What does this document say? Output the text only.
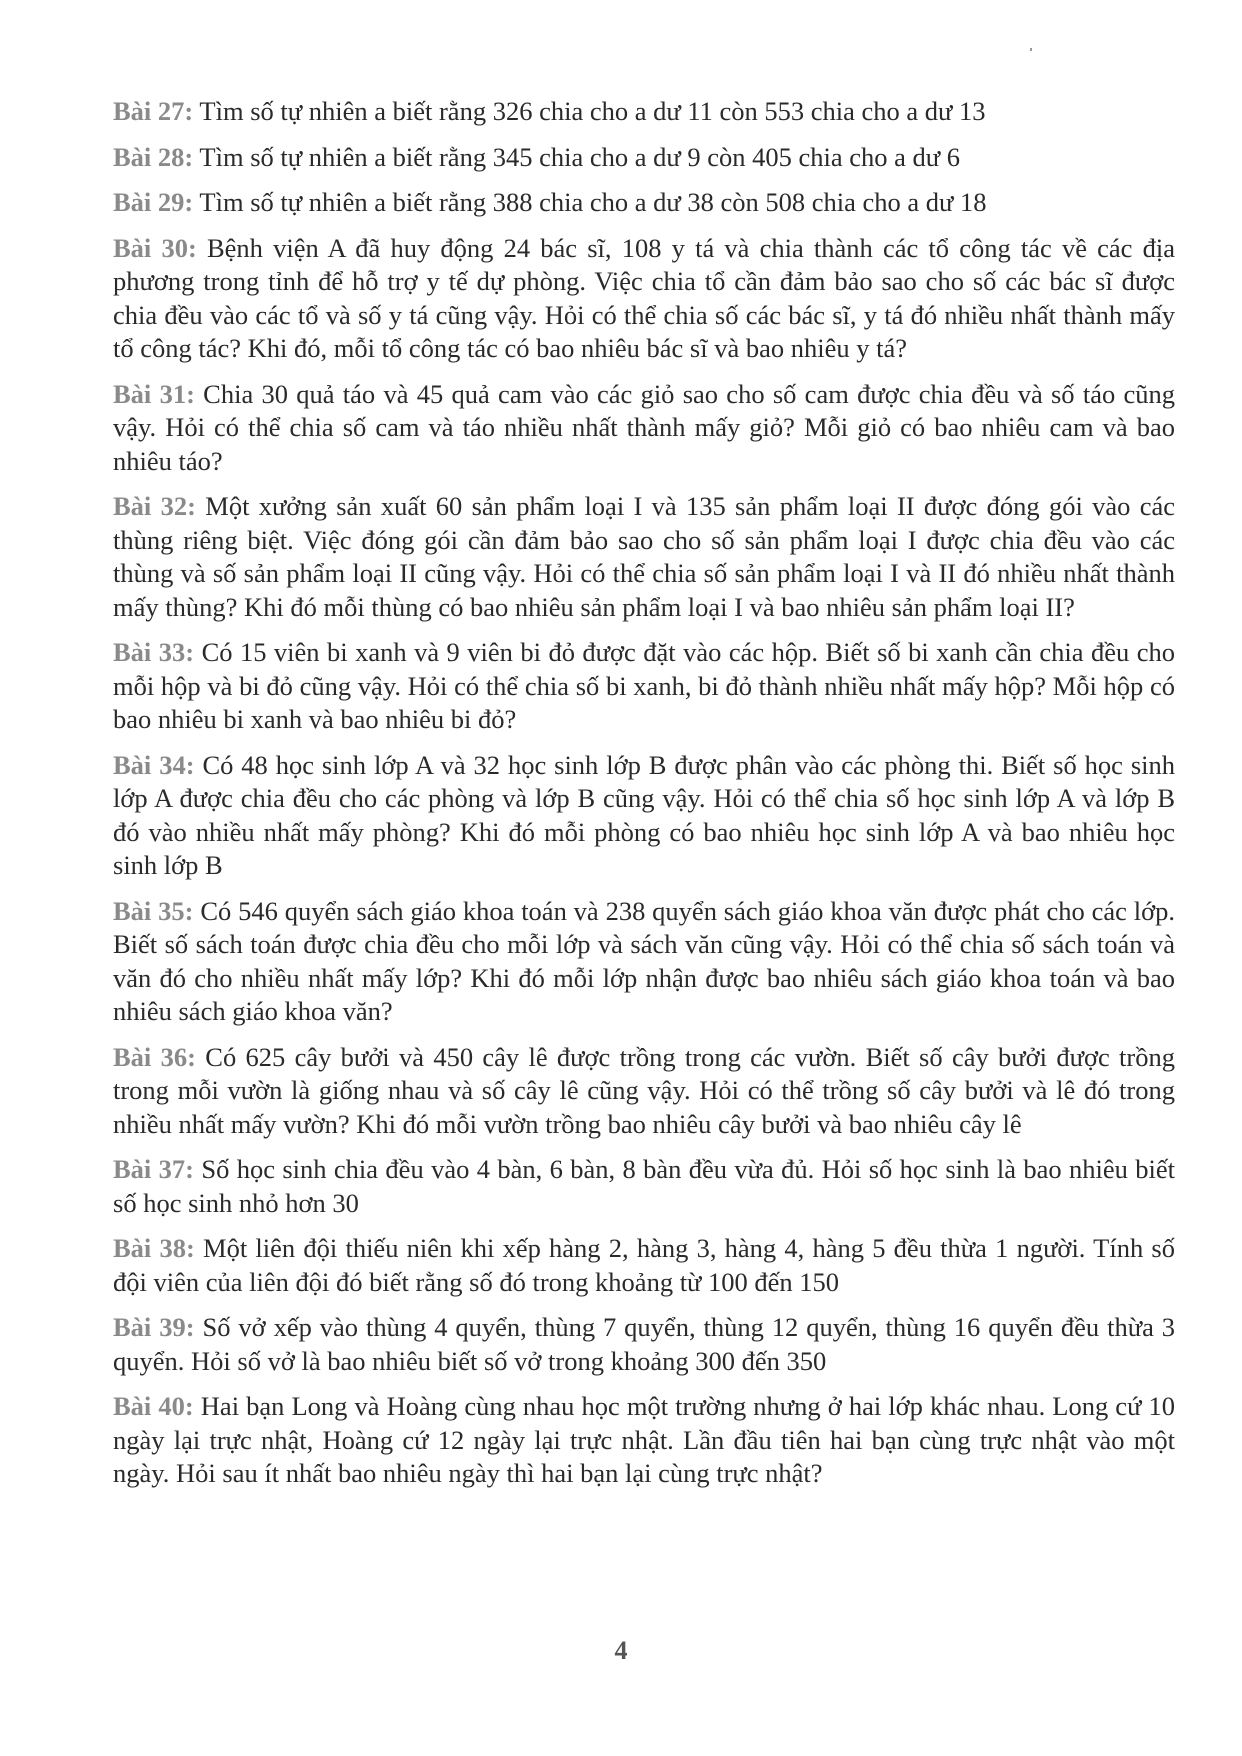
Bài 27: Tìm số tự nhiên a biết rằng 326 chia cho a dư 11 còn 553 chia cho a dư 13

Bài 28: Tìm số tự nhiên a biết rằng 345 chia cho a dư 9 còn 405 chia cho a dư 6

Bài 29: Tìm số tự nhiên a biết rằng 388 chia cho a dư 38 còn 508 chia cho a dư 18

Bài 30: Bệnh viện A đã huy động 24 bác sĩ, 108 y tá và chia thành các tổ công tác về các địa phương trong tỉnh để hỗ trợ y tế dự phòng. Việc chia tổ cần đảm bảo sao cho số các bác sĩ được chia đều vào các tổ và số y tá cũng vậy. Hỏi có thể chia số các bác sĩ, y tá đó nhiều nhất thành mấy tổ công tác? Khi đó, mỗi tổ công tác có bao nhiêu bác sĩ và bao nhiêu y tá?

Bài 31: Chia 30 quả táo và 45 quả cam vào các giỏ sao cho số cam được chia đều và số táo cũng vậy. Hỏi có thể chia số cam và táo nhiều nhất thành mấy giỏ? Mỗi giỏ có bao nhiêu cam và bao nhiêu táo?

Bài 32: Một xưởng sản xuất 60 sản phẩm loại I và 135 sản phẩm loại II được đóng gói vào các thùng riêng biệt. Việc đóng gói cần đảm bảo sao cho số sản phẩm loại I được chia đều vào các thùng và số sản phẩm loại II cũng vậy. Hỏi có thể chia số sản phẩm loại I và II đó nhiều nhất thành mấy thùng? Khi đó mỗi thùng có bao nhiêu sản phẩm loại I và bao nhiêu sản phẩm loại II?

Bài 33: Có 15 viên bi xanh và 9 viên bi đỏ được đặt vào các hộp. Biết số bi xanh cần chia đều cho mỗi hộp và bi đỏ cũng vậy. Hỏi có thể chia số bi xanh, bi đỏ thành nhiều nhất mấy hộp? Mỗi hộp có bao nhiêu bi xanh và bao nhiêu bi đỏ?

Bài 34: Có 48 học sinh lớp A và 32 học sinh lớp B được phân vào các phòng thi. Biết số học sinh lớp A được chia đều cho các phòng và lớp B cũng vậy. Hỏi có thể chia số học sinh lớp A và lớp B đó vào nhiều nhất mấy phòng? Khi đó mỗi phòng có bao nhiêu học sinh lớp A và bao nhiêu học sinh lớp B

Bài 35: Có 546 quyển sách giáo khoa toán và 238 quyển sách giáo khoa văn được phát cho các lớp. Biết số sách toán được chia đều cho mỗi lớp và sách văn cũng vậy. Hỏi có thể chia số sách toán và văn đó cho nhiều nhất mấy lớp? Khi đó mỗi lớp nhận được bao nhiêu sách giáo khoa toán và bao nhiêu sách giáo khoa văn?

Bài 36: Có 625 cây bưởi và 450 cây lê được trồng trong các vườn. Biết số cây bưởi được trồng trong mỗi vườn là giống nhau và số cây lê cũng vậy. Hỏi có thể trồng số cây bưởi và lê đó trong nhiều nhất mấy vườn? Khi đó mỗi vườn trồng bao nhiêu cây bưởi và bao nhiêu cây lê

Bài 37: Số học sinh chia đều vào 4 bàn, 6 bàn, 8 bàn đều vừa đủ. Hỏi số học sinh là bao nhiêu biết số học sinh nhỏ hơn 30

Bài 38: Một liên đội thiếu niên khi xếp hàng 2, hàng 3, hàng 4, hàng 5 đều thừa 1 người. Tính số đội viên của liên đội đó biết rằng số đó trong khoảng từ 100 đến 150

Bài 39: Số vở xếp vào thùng 4 quyển, thùng 7 quyển, thùng 12 quyển, thùng 16 quyển đều thừa 3 quyển. Hỏi số vở là bao nhiêu biết số vở trong khoảng 300 đến 350

Bài 40: Hai bạn Long và Hoàng cùng nhau học một trường nhưng ở hai lớp khác nhau. Long cứ 10 ngày lại trực nhật, Hoàng cứ 12 ngày lại trực nhật. Lần đầu tiên hai bạn cùng trực nhật vào một ngày. Hỏi sau ít nhất bao nhiêu ngày thì hai bạn lại cùng trực nhật?

4
